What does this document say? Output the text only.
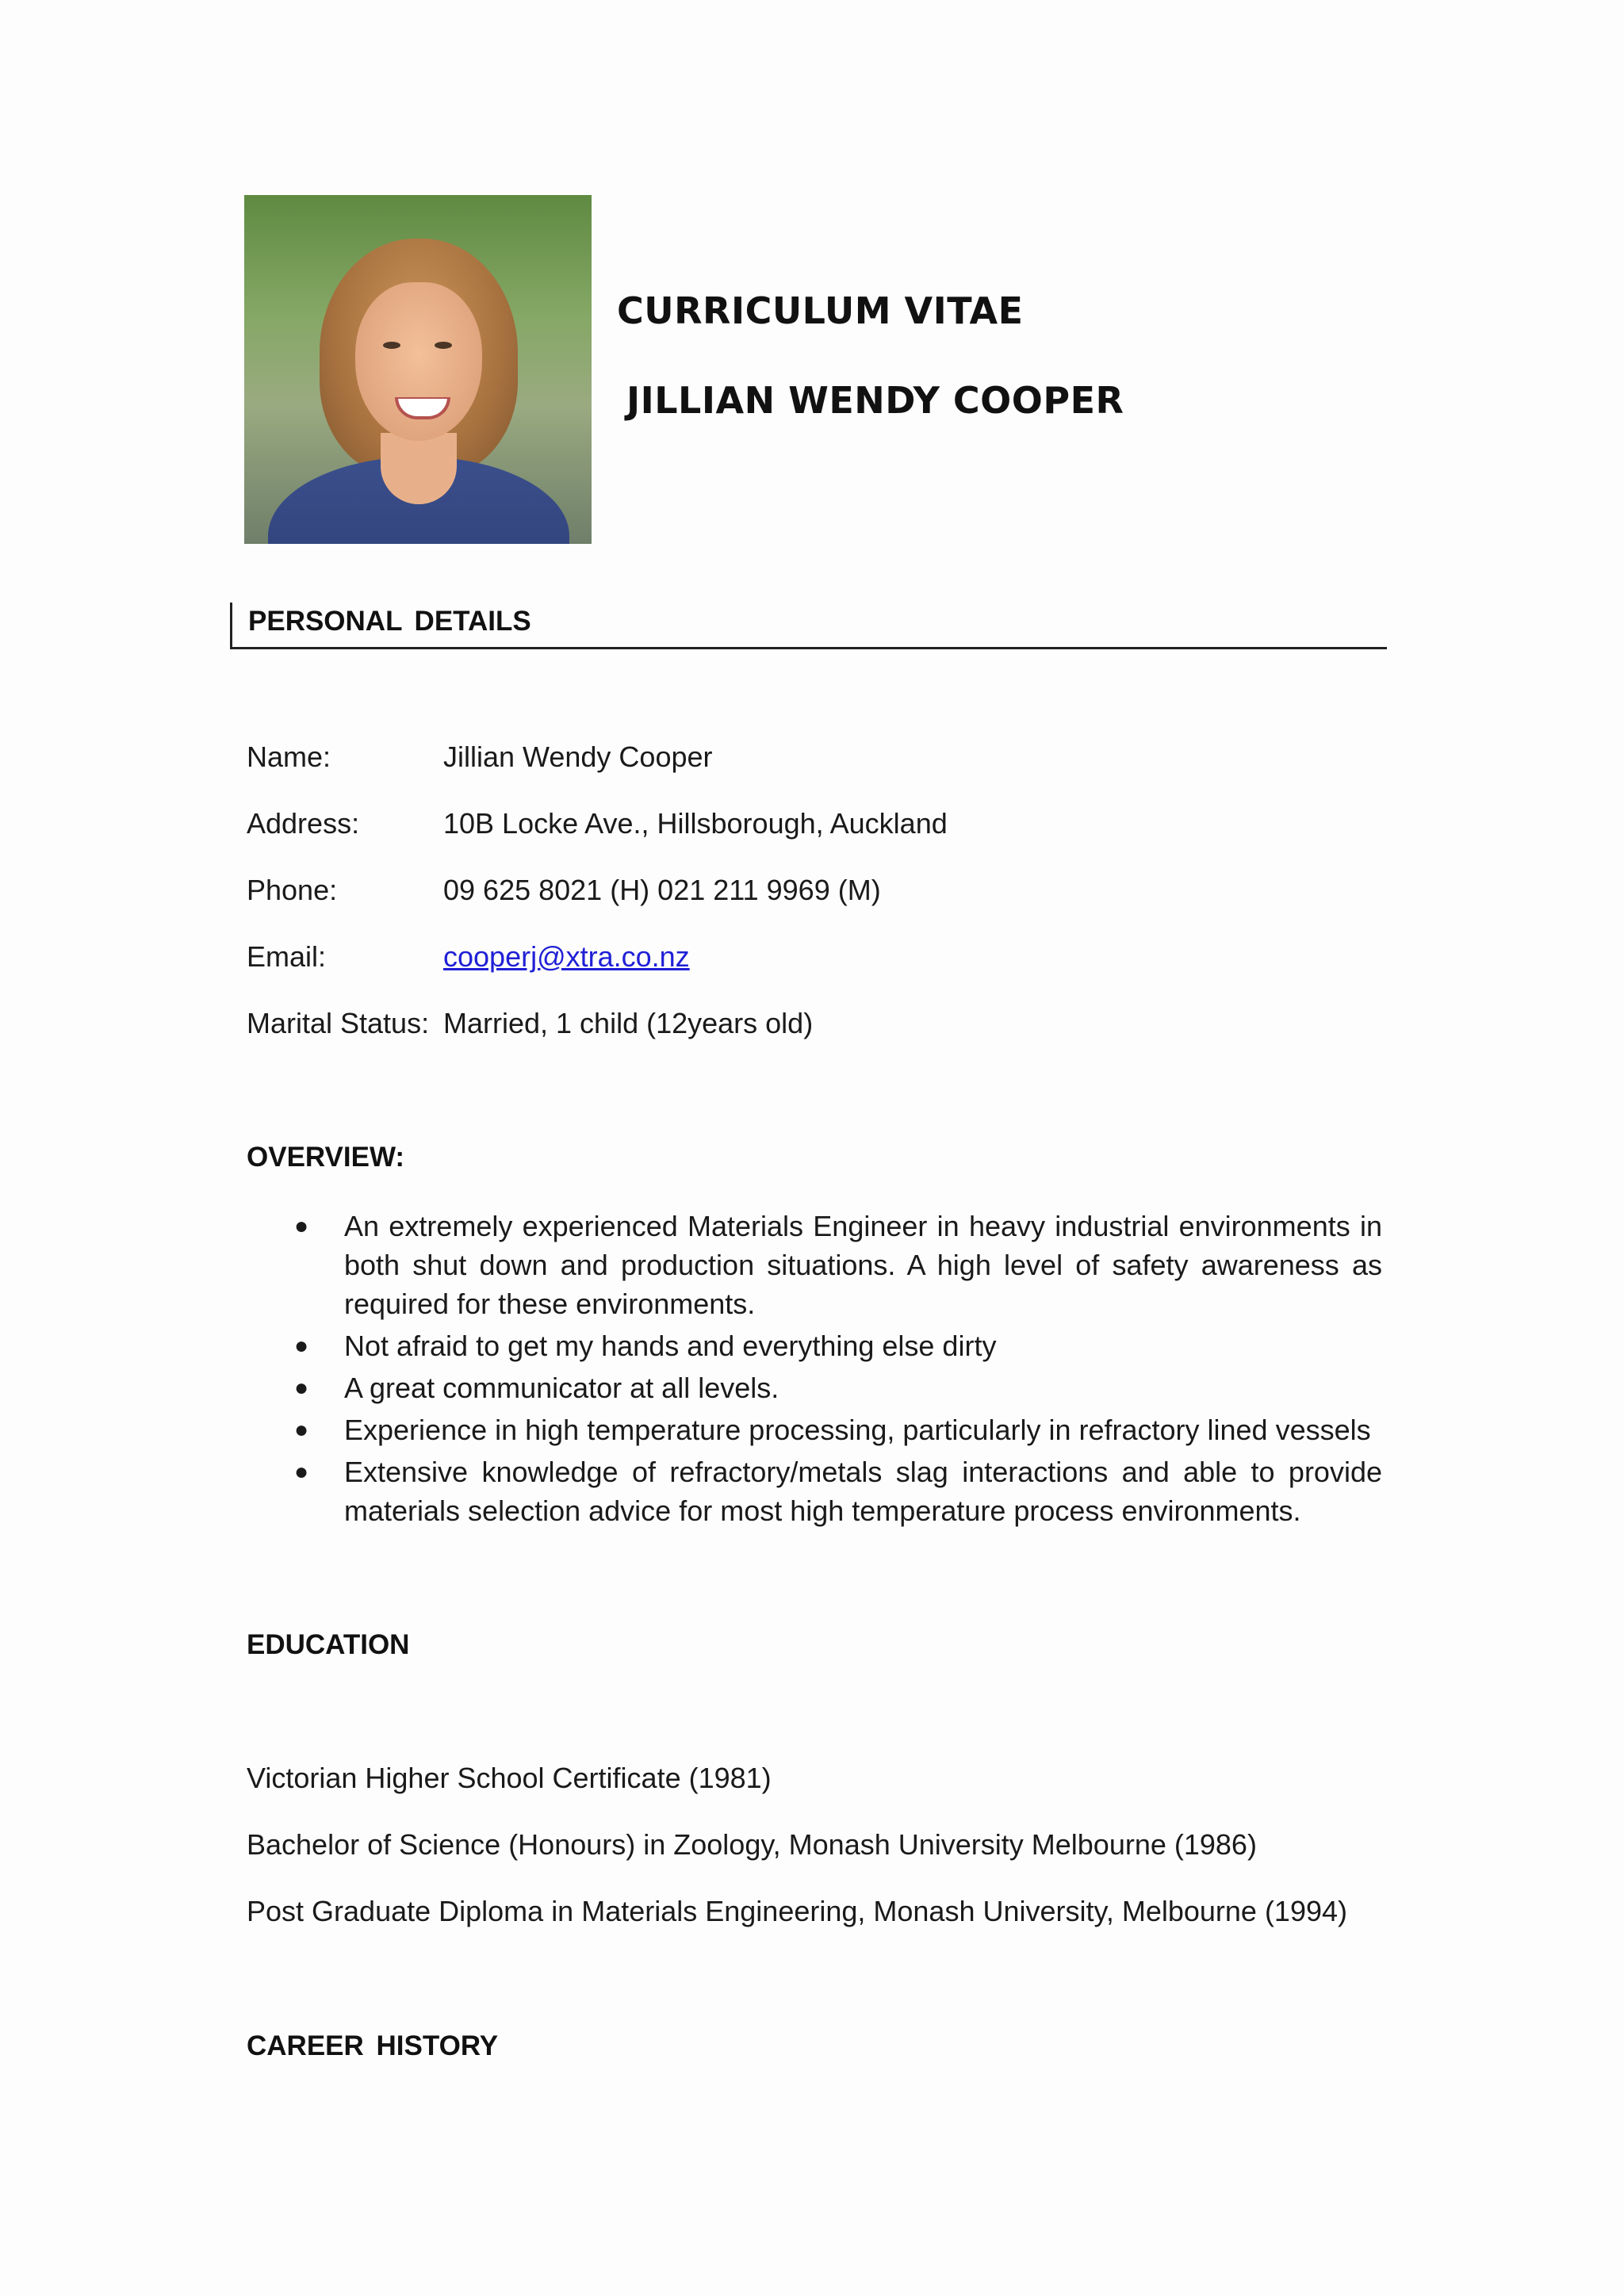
CURRICULUM VITAE
JILLIAN WENDY COOPER
PERSONAL DETAILS
Name:	Jillian Wendy Cooper
Address:	10B Locke Ave., Hillsborough, Auckland
Phone:	09 625 8021 (H) 021 211 9969 (M)
Email:	cooperj@xtra.co.nz
Marital Status: Married, 1 child (12years old)
OVERVIEW:
● An extremely experienced Materials Engineer in heavy industrial environments in both shut down and production situations. A high level of safety awareness as required for these environments.
● Not afraid to get my hands and everything else dirty
● A great communicator at all levels.
● Experience in high temperature processing, particularly in refractory lined vessels
● Extensive knowledge of refractory/metals slag interactions and able to provide materials selection advice for most high temperature process environments.
EDUCATION
Victorian Higher School Certificate (1981)
Bachelor of Science (Honours) in Zoology, Monash University Melbourne (1986)
Post Graduate Diploma in Materials Engineering, Monash University, Melbourne (1994)
CAREER HISTORY
